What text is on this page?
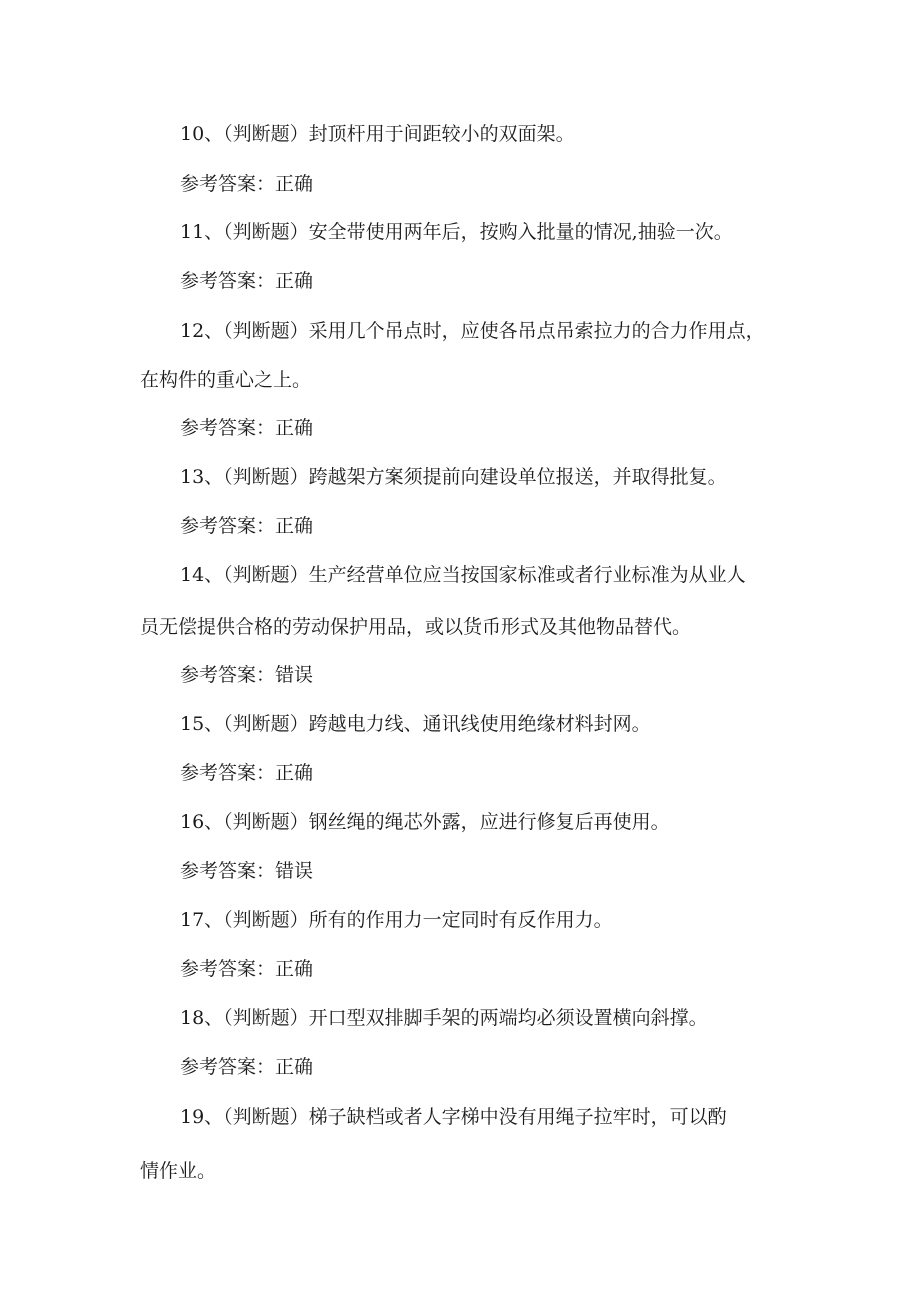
10、（判断题）封顶杆用于间距较小的双面架。
参考答案：正确
11、（判断题）安全带使用两年后，按购入批量的情况,抽验一次。
参考答案：正确
12、（判断题）采用几个吊点时，应使各吊点吊索拉力的合力作用点，
在构件的重心之上。
参考答案：正确
13、（判断题）跨越架方案须提前向建设单位报送，并取得批复。
参考答案：正确
14、（判断题）生产经营单位应当按国家标准或者行业标准为从业人
员无偿提供合格的劳动保护用品，或以货币形式及其他物品替代。
参考答案：错误
15、（判断题）跨越电力线、通讯线使用绝缘材料封网。
参考答案：正确
16、（判断题）钢丝绳的绳芯外露，应进行修复后再使用。
参考答案：错误
17、（判断题）所有的作用力一定同时有反作用力。
参考答案：正确
18、（判断题）开口型双排脚手架的两端均必须设置横向斜撑。
参考答案：正确
19、（判断题）梯子缺档或者人字梯中没有用绳子拉牢时，可以酌
情作业。
